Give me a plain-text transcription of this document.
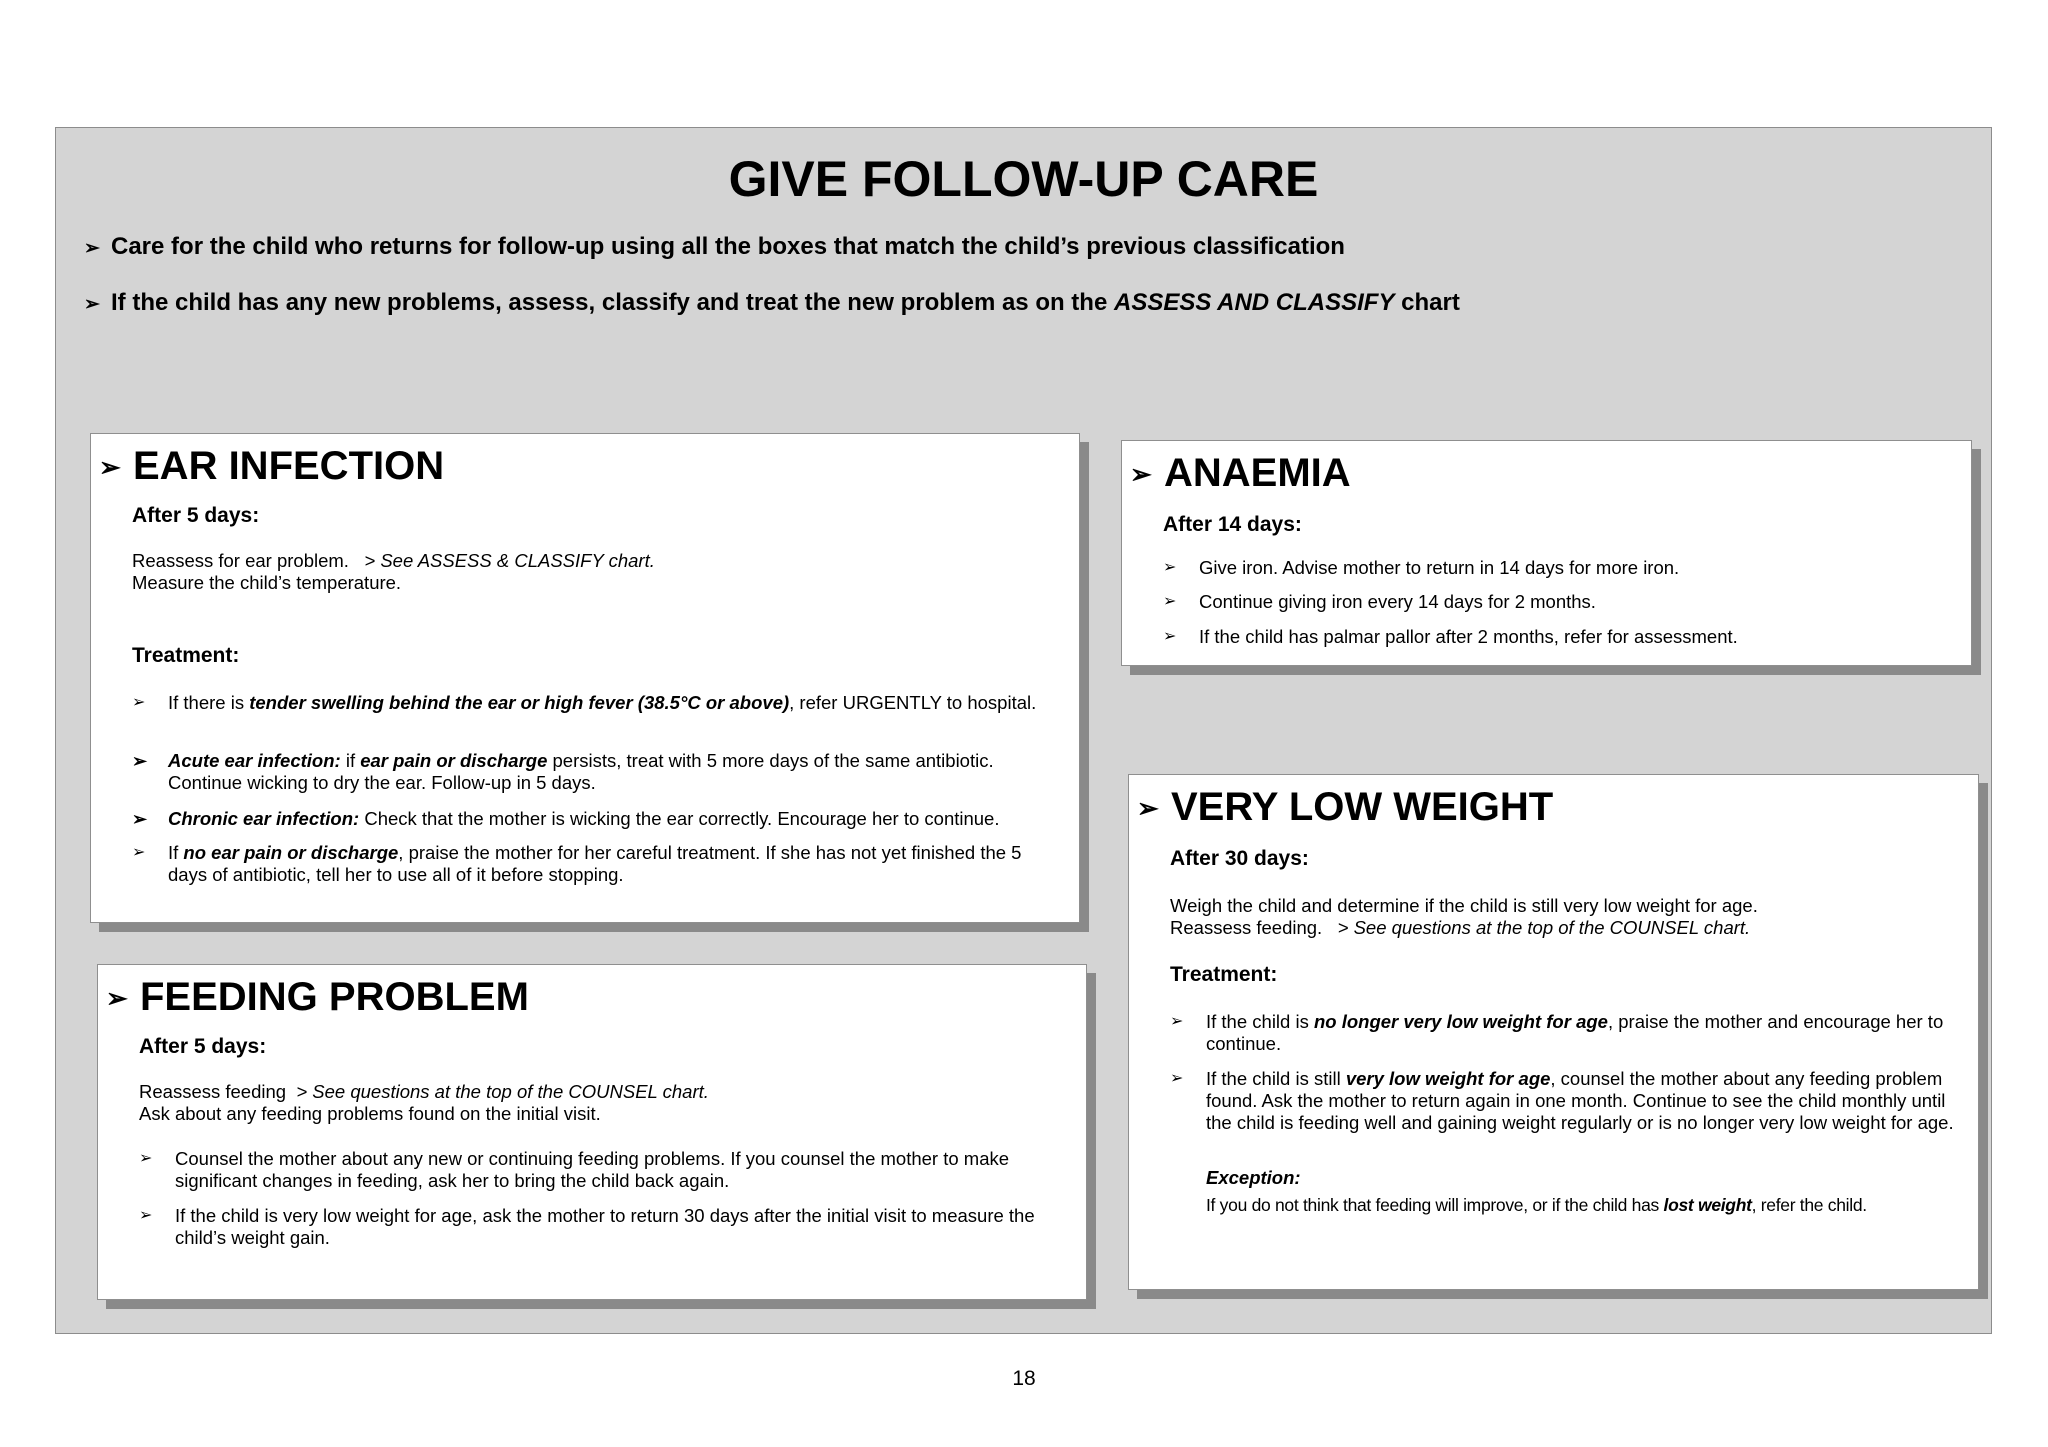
GIVE FOLLOW-UP CARE

➢ Care for the child who returns for follow-up using all the boxes that match the child’s previous classification

➢ If the child has any new problems, assess, classify and treat the new problem as on the ASSESS AND CLASSIFY chart

➢ EAR INFECTION

After 5 days:

Reassess for ear problem. > See ASSESS & CLASSIFY chart.

Measure the child’s temperature.

Treatment:

➢ If there is tender swelling behind the ear or high fever (38.5°C or above), refer URGENTLY to hospital.
➢ Acute ear infection: if ear pain or discharge persists, treat with 5 more days of the same antibiotic. Continue wicking to dry the ear. Follow-up in 5 days.
➢ Chronic ear infection: Check that the mother is wicking the ear correctly. Encourage her to continue.
➢ If no ear pain or discharge, praise the mother for her careful treatment. If she has not yet finished the 5 days of antibiotic, tell her to use all of it before stopping.
➢ FEEDING PROBLEM

After 5 days:

Reassess feeding > See questions at the top of the COUNSEL chart.

Ask about any feeding problems found on the initial visit.

➢ Counsel the mother about any new or continuing feeding problems. If you counsel the mother to make significant changes in feeding, ask her to bring the child back again.
➢ If the child is very low weight for age, ask the mother to return 30 days after the initial visit to measure the child’s weight gain.
➢ ANAEMIA

After 14 days:

➢ Give iron. Advise mother to return in 14 days for more iron.
➢ Continue giving iron every 14 days for 2 months.
➢ If the child has palmar pallor after 2 months, refer for assessment.
➢ VERY LOW WEIGHT

After 30 days:

Weigh the child and determine if the child is still very low weight for age.

Reassess feeding. > See questions at the top of the COUNSEL chart.

Treatment:

➢ If the child is no longer very low weight for age, praise the mother and encourage her to continue.
➢ If the child is still very low weight for age, counsel the mother about any feeding problem found. Ask the mother to return again in one month. Continue to see the child monthly until the child is feeding well and gaining weight regularly or is no longer very low weight for age.

Exception:

If you do not think that feeding will improve, or if the child has lost weight, refer the child.

18
